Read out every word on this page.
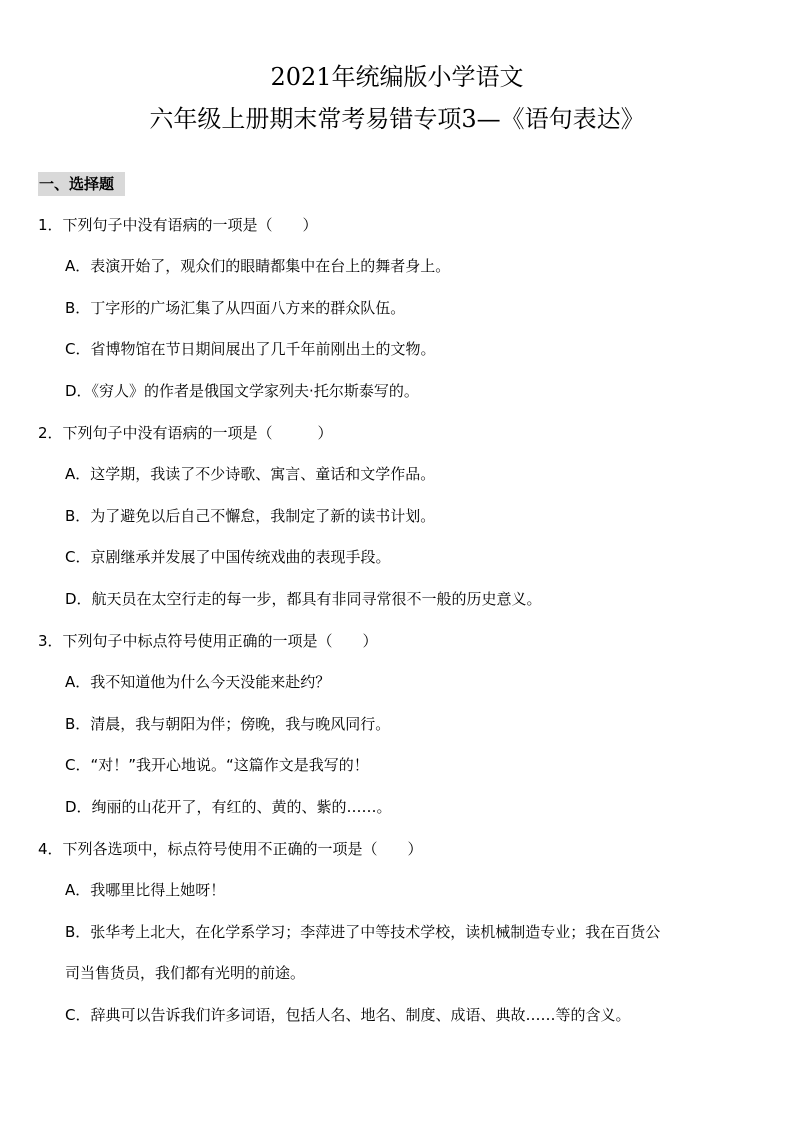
2021年统编版小学语文
六年级上册期末常考易错专项3—《语句表达》
一、选择题
1．下列句子中没有语病的一项是（　　）
A．表演开始了，观众们的眼睛都集中在台上的舞者身上。
B．丁字形的广场汇集了从四面八方来的群众队伍。
C．省博物馆在节日期间展出了几千年前刚出土的文物。
D．《穷人》的作者是俄国文学家列夫·托尔斯泰写的。
2．下列句子中没有语病的一项是（　　　）
A．这学期，我读了不少诗歌、寓言、童话和文学作品。
B．为了避免以后自己不懈怠，我制定了新的读书计划。
C．京剧继承并发展了中国传统戏曲的表现手段。
D．航天员在太空行走的每一步，都具有非同寻常很不一般的历史意义。
3．下列句子中标点符号使用正确的一项是（　　）
A．我不知道他为什么今天没能来赴约？
B．清晨，我与朝阳为伴；傍晚，我与晚风同行。
C．“对！”我开心地说。“这篇作文是我写的！
D．绚丽的山花开了，有红的、黄的、紫的……。
4．下列各选项中，标点符号使用不正确的一项是（　　）
A．我哪里比得上她呀！
B．张华考上北大，在化学系学习；李萍进了中等技术学校，读机械制造专业；我在百货公
司当售货员，我们都有光明的前途。
C．辞典可以告诉我们许多词语，包括人名、地名、制度、成语、典故……等的含义。
